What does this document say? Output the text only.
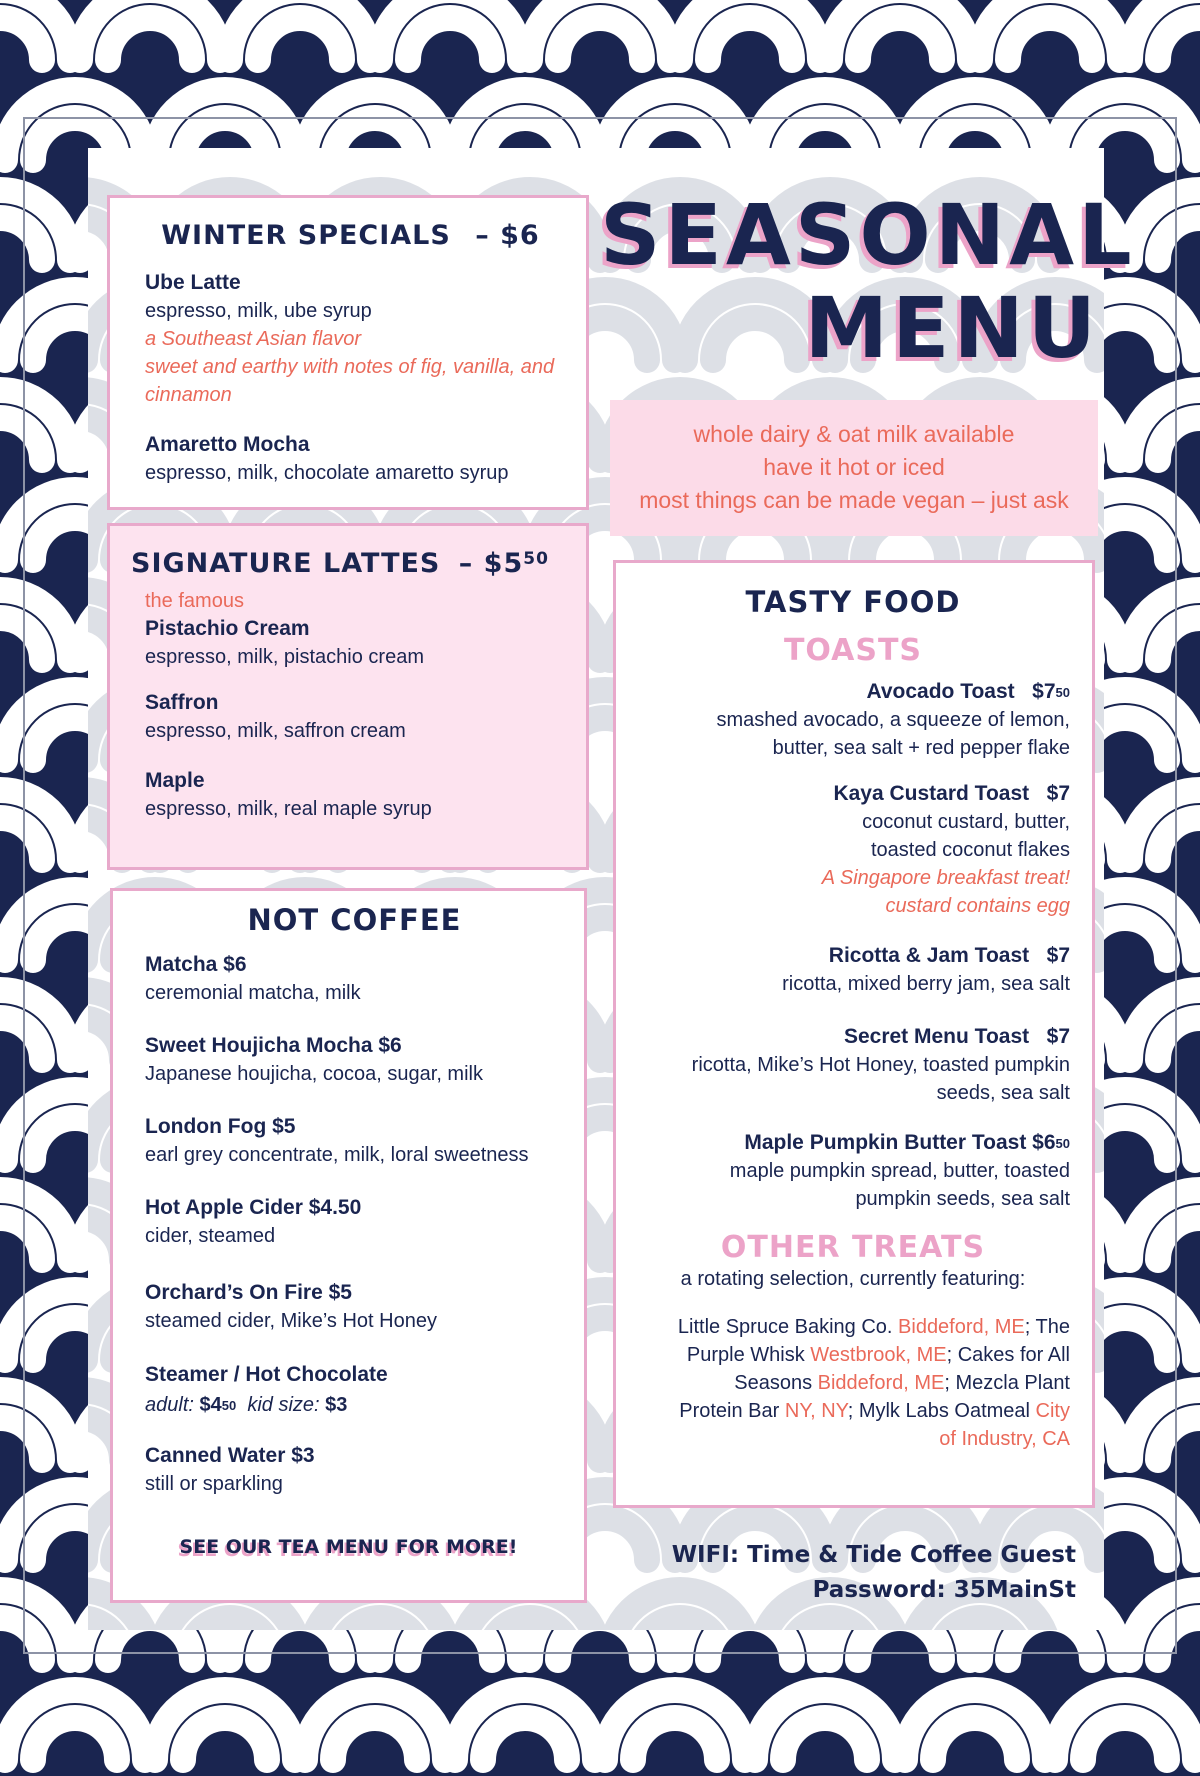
SEASONAL
MENU
whole dairy & oat milk available
have it hot or iced
most things can be made vegan – just ask
WINTER SPECIALS – $6
Ube Latte
espresso, milk, ube syrup
a Southeast Asian flavor
sweet and earthy with notes of fig, vanilla, and cinnamon
Amaretto Mocha
espresso, milk, chocolate amaretto syrup
SIGNATURE LATTES – $\$5^{50}$
the famous
Pistachio Cream
espresso, milk, pistachio cream
Saffron
espresso, milk, saffron cream
Maple
espresso, milk, real maple syrup
NOT COFFEE
Matcha $6
ceremonial matcha, milk
Sweet Houjicha Mocha $6
Japanese houjicha, cocoa, sugar, milk
London Fog $5
earl grey concentrate, milk, loral sweetness
Hot Apple Cider $4.50
cider, steamed
Orchard’s On Fire $5
steamed cider, Mike’s Hot Honey
Steamer / Hot Chocolate
adult: $\$4^{50}$ kid size: $3
Canned Water $3
still or sparkling
SEE OUR TEA MENU FOR MORE!
TASTY FOOD
TOASTS
Avocado Toast $\$7^{50}$
smashed avocado, a squeeze of lemon,
butter, sea salt + red pepper flake
Kaya Custard Toast $7
coconut custard, butter,
toasted coconut flakes
A Singapore breakfast treat!
custard contains egg
Ricotta & Jam Toast $7
ricotta, mixed berry jam, sea salt
Secret Menu Toast $7
ricotta, Mike’s Hot Honey, toasted pumpkin
seeds, sea salt
Maple Pumpkin Butter Toast $\$6^{50}$
maple pumpkin spread, butter, toasted
pumpkin seeds, sea salt
OTHER TREATS
a rotating selection, currently featuring:
Little Spruce Baking Co. Biddeford, ME; The Purple Whisk Westbrook, ME; Cakes for All Seasons Biddeford, ME; Mezcla Plant Protein Bar NY, NY; Mylk Labs Oatmeal City of Industry, CA
WIFI: Time & Tide Coffee Guest
Password: 35MainSt
